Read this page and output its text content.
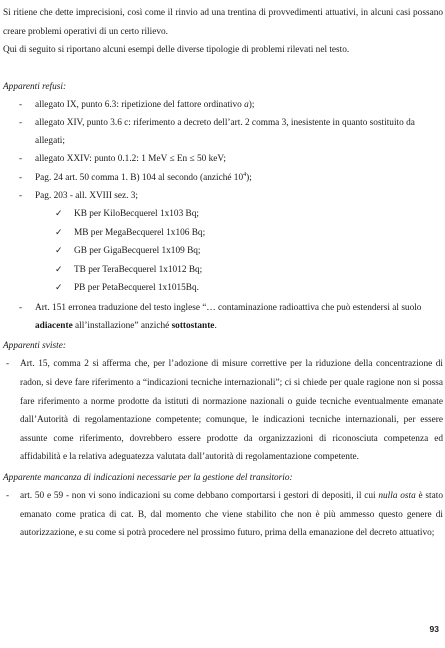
Si ritiene che dette imprecisioni, così come il rinvio ad una trentina di provvedimenti attuativi, in alcuni casi possano creare problemi operativi di un certo rilievo.
Qui di seguito si riportano alcuni esempi delle diverse tipologie di problemi rilevati nel testo.

Apparenti refusi:

- allegato IX, punto 6.3: ripetizione del fattore ordinativo a);
- allegato XIV, punto 3.6 c: riferimento a decreto dell’art. 2 comma 3, inesistente in quanto sostituito da allegati;
- allegato XXIV: punto 0.1.2: 1 MeV ≤ En ≤ 50 keV;
- Pag. 24 art. 50 comma 1. B) 104 al secondo (anziché $10^4$);
- Pag. 203 - all. XVIII sez. 3;
✓ KB per KiloBecquerel 1x103 Bq;
✓ MB per MegaBecquerel 1x106 Bq;
✓ GB per GigaBecquerel 1x109 Bq;
✓ TB per TeraBecquerel 1x1012 Bq;
✓ PB per PetaBecquerel 1x1015Bq.
- Art. 151 erronea traduzione del testo inglese “… contaminazione radioattiva che può estendersi al suolo adiacente all’installazione” anziché sottostante.

Apparenti sviste:

- Art. 15, comma 2 si afferma che, per l’adozione di misure correttive per la riduzione della concentrazione di radon, si deve fare riferimento a “indicazioni tecniche internazionali”; ci si chiede per quale ragione non si possa fare riferimento a norme prodotte da istituti di normazione nazionali o guide tecniche eventualmente emanate dall’Autorità di regolamentazione competente; comunque, le indicazioni tecniche internazionali, per essere assunte come riferimento, dovrebbero essere prodotte da organizzazioni di riconosciuta competenza ed affidabilità e la relativa adeguatezza valutata dall’autorità di regolamentazione competente.

Apparente mancanza di indicazioni necessarie per la gestione del transitorio:

- art. 50 e 59 - non vi sono indicazioni su come debbano comportarsi i gestori di depositi, il cui nulla osta è stato emanato come pratica di cat. B, dal momento che viene stabilito che non è più ammesso questo genere di autorizzazione, e su come si potrà procedere nel prossimo futuro, prima della emanazione del decreto attuativo;
93
